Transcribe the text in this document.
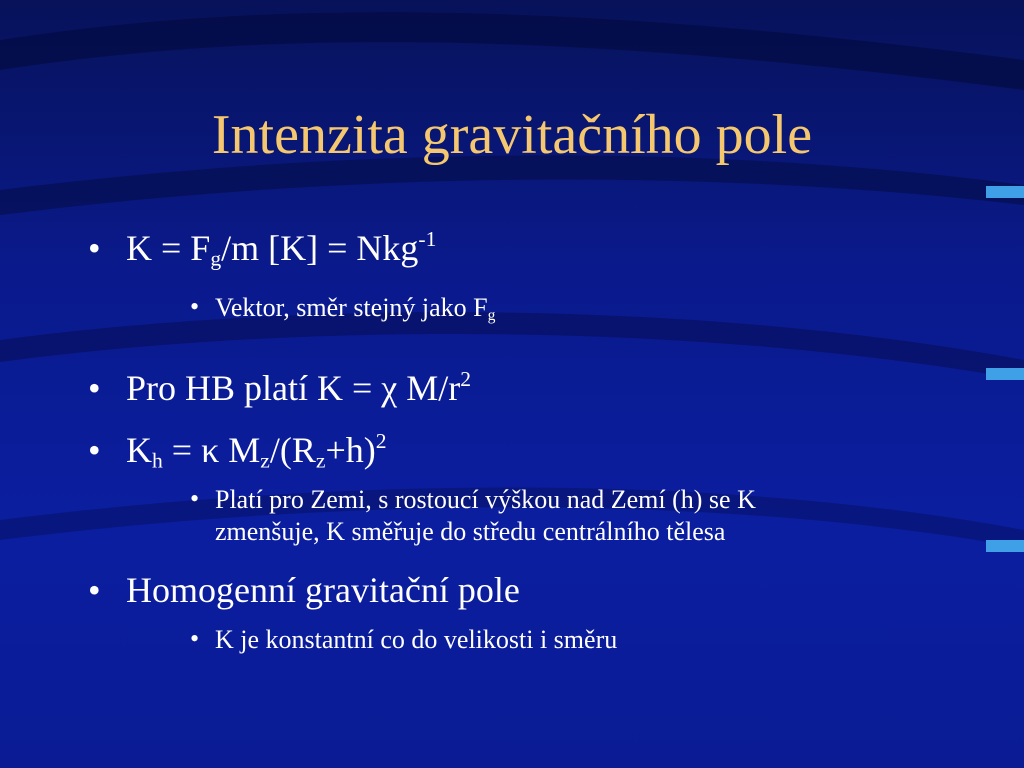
Intenzita gravitačního pole
• $K = F_g/m$ [K] = Nkg$^{-1}$
• Vektor, směr stejný jako $F_g$
• Pro HB platí K = χ $M/r^2$
• $K_h = \kappa$ $M_z/(R_z+h)^2$
• Platí pro Zemi, s rostoucí výškou nad Zemí (h) se K
zmenšuje, K směřuje do středu centrálního tělesa
• Homogenní gravitační pole
• K je konstantní co do velikosti i směru
